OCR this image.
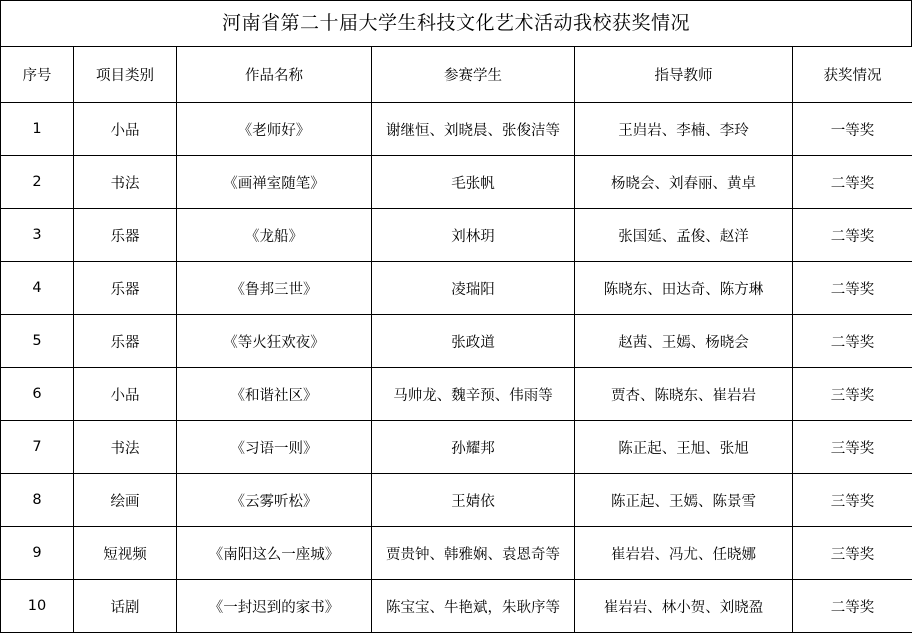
河南省第二十届大学生科技文化艺术活动我校获奖情况
序号	项目类别	作品名称	参赛学生	指导教师	获奖情况
1	小品	《老师好》	谢继恒、刘晓晨、张俊洁等	王岿岩、李楠、李玲	一等奖
2	书法	《画禅室随笔》	毛张帆	杨晓会、刘春丽、黄卓	二等奖
3	乐器	《龙船》	刘林玥	张国延、孟俊、赵洋	二等奖
4	乐器	《鲁邦三世》	凌瑞阳	陈晓东、田达奇、陈方琳	二等奖
5	乐器	《等火狂欢夜》	张政道	赵茜、王嫣、杨晓会	二等奖
6	小品	《和谐社区》	马帅龙、魏辛预、伟雨等	贾杏、陈晓东、崔岩岩	三等奖
7	书法	《习语一则》	孙耀邦	陈正起、王旭、张旭	三等奖
8	绘画	《云雾听松》	王婧依	陈正起、王嫣、陈景雪	三等奖
9	短视频	《南阳这么一座城》	贾贵钟、韩雅娴、袁恩奇等	崔岩岩、冯尤、任晓娜	三等奖
10	话剧	《一封迟到的家书》	陈宝宝、牛艳斌，朱耿序等	崔岩岩、林小贺、刘晓盈	二等奖
